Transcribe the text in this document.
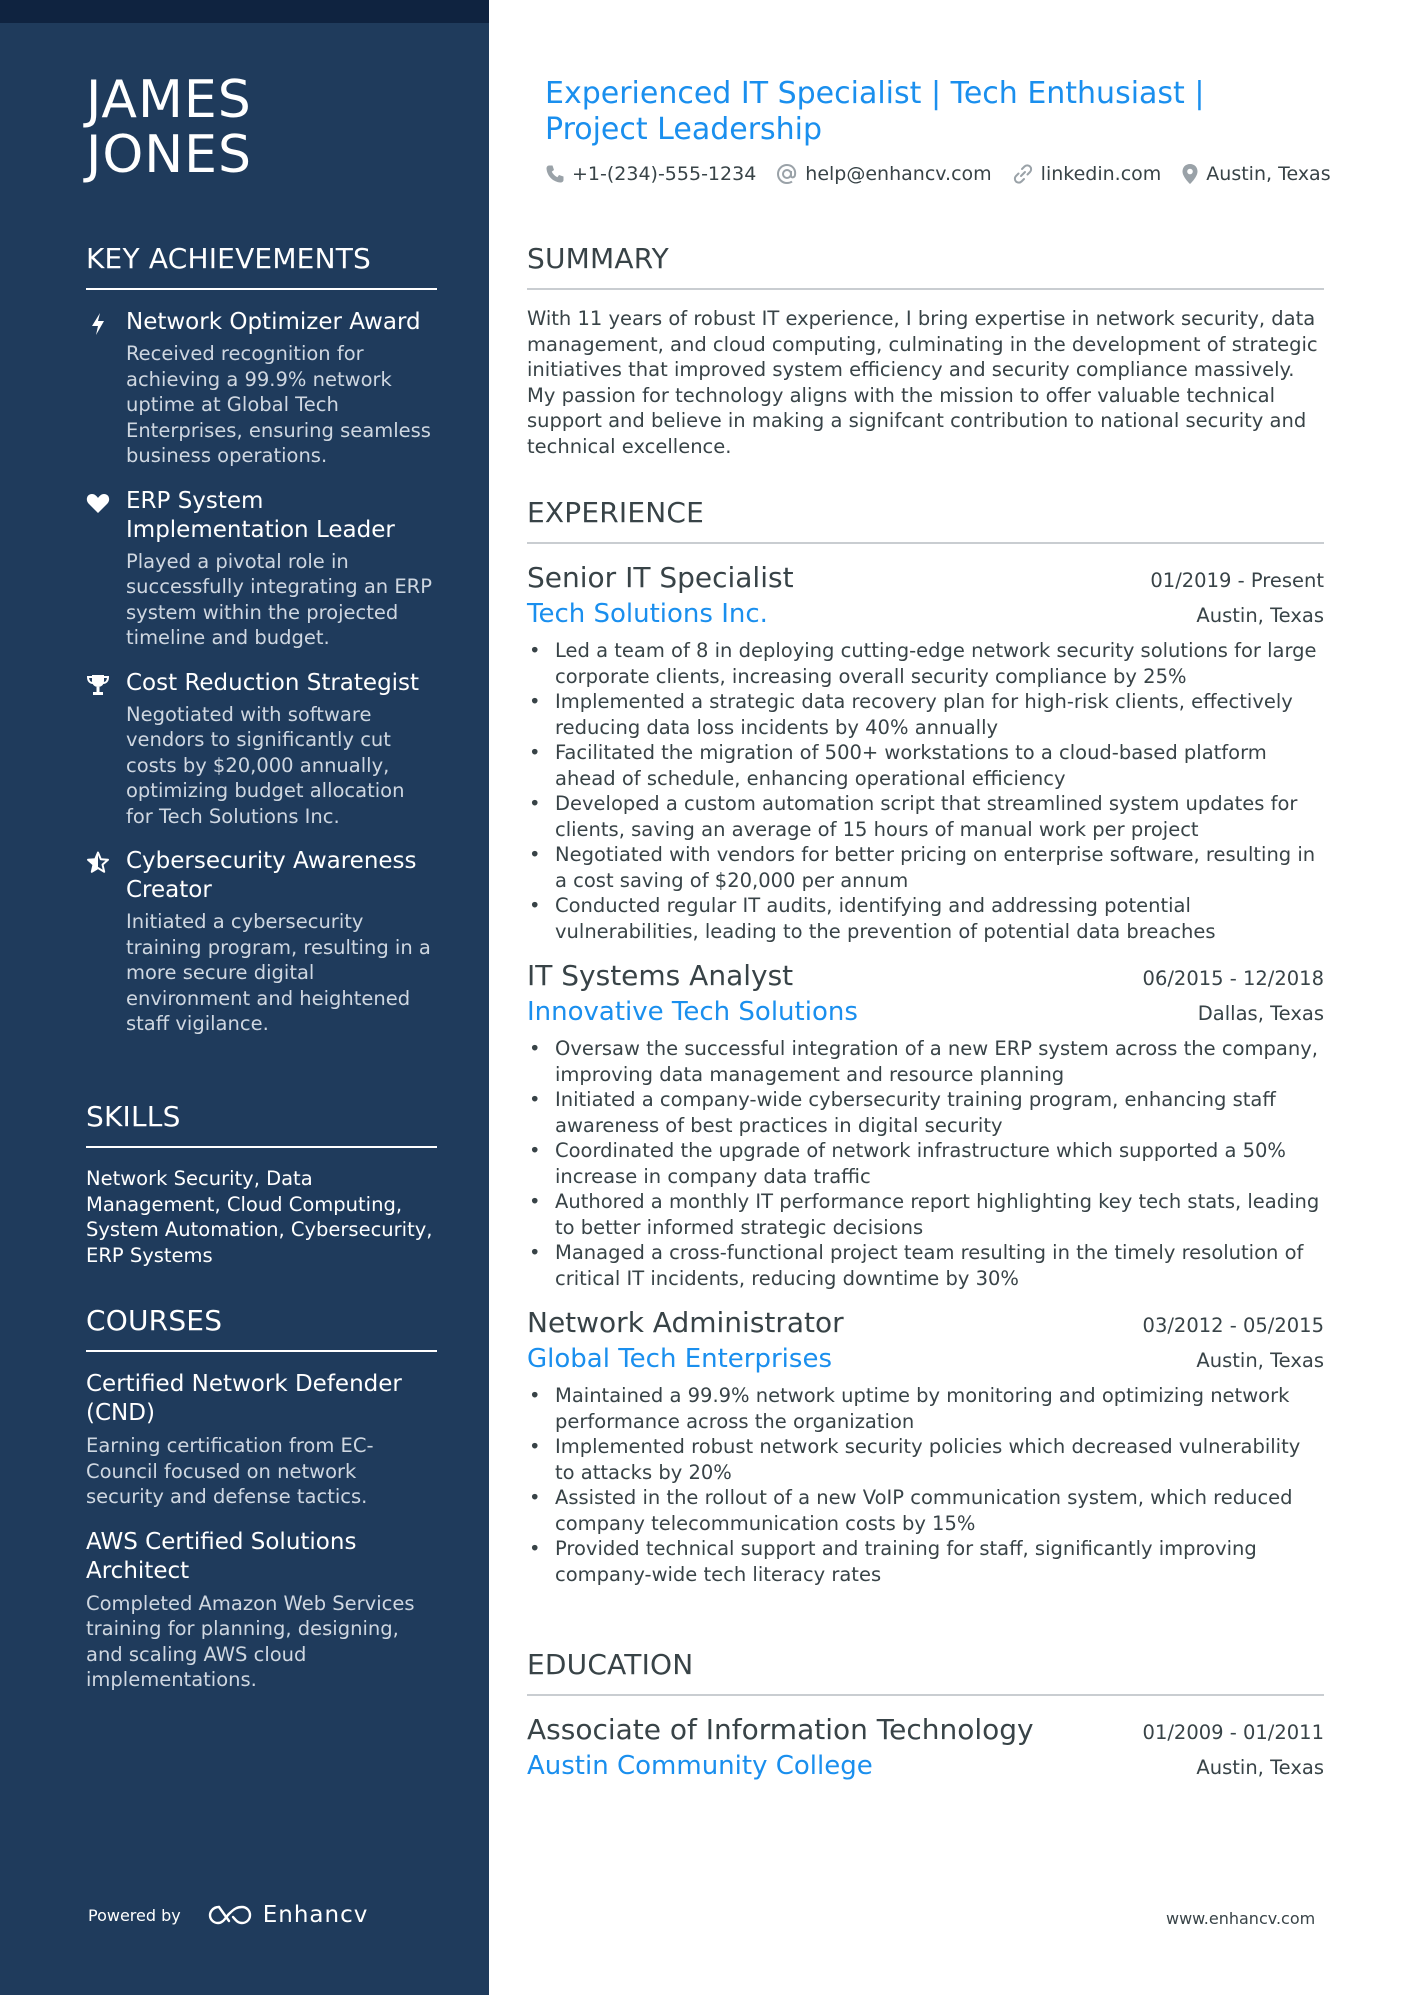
JAMES
JONES
KEY ACHIEVEMENTS
Network Optimizer Award
Received recognition for achieving a 99.9% network uptime at Global Tech Enterprises, ensuring seamless business operations.
ERP System Implementation Leader
Played a pivotal role in successfully integrating an ERP system within the projected timeline and budget.
Cost Reduction Strategist
Negotiated with software vendors to significantly cut costs by $20,000 annually, optimizing budget allocation for Tech Solutions Inc.
Cybersecurity Awareness Creator
Initiated a cybersecurity training program, resulting in a more secure digital environment and heightened staff vigilance.
SKILLS
Network Security, Data Management, Cloud Computing, System Automation, Cybersecurity, ERP Systems
COURSES
Certified Network Defender (CND)
Earning certification from EC-Council focused on network security and defense tactics.
AWS Certified Solutions Architect
Completed Amazon Web Services training for planning, designing, and scaling AWS cloud implementations.
Powered by	Enhancv
Experienced IT Specialist | Tech Enthusiast | Project Leadership
+1-(234)-555-1234	help@enhancv.com	linkedin.com Austin, Texas
SUMMARY
With 11 years of robust IT experience, I bring expertise in network security, data management, and cloud computing, culminating in the development of strategic initiatives that improved system efficiency and security compliance massively. My passion for technology aligns with the mission to offer valuable technical support and believe in making a signifcant contribution to national security and technical excellence.
EXPERIENCE
Senior IT Specialist	01/2019 - Present
Tech Solutions Inc.	Austin, Texas
• Led a team of 8 in deploying cutting-edge network security solutions for large corporate clients, increasing overall security compliance by 25%
• Implemented a strategic data recovery plan for high-risk clients, effectively reducing data loss incidents by 40% annually
• Facilitated the migration of 500+ workstations to a cloud-based platform ahead of schedule, enhancing operational efficiency
• Developed a custom automation script that streamlined system updates for clients, saving an average of 15 hours of manual work per project
• Negotiated with vendors for better pricing on enterprise software, resulting in a cost saving of $20,000 per annum
• Conducted regular IT audits, identifying and addressing potential vulnerabilities, leading to the prevention of potential data breaches
IT Systems Analyst	06/2015 - 12/2018
Innovative Tech Solutions	Dallas, Texas
• Oversaw the successful integration of a new ERP system across the company, improving data management and resource planning
• Initiated a company-wide cybersecurity training program, enhancing staff awareness of best practices in digital security
• Coordinated the upgrade of network infrastructure which supported a 50% increase in company data traffic
• Authored a monthly IT performance report highlighting key tech stats, leading to better informed strategic decisions
• Managed a cross-functional project team resulting in the timely resolution of critical IT incidents, reducing downtime by 30%
Network Administrator	03/2012 - 05/2015
Global Tech Enterprises	Austin, Texas
• Maintained a 99.9% network uptime by monitoring and optimizing network performance across the organization
• Implemented robust network security policies which decreased vulnerability to attacks by 20%
• Assisted in the rollout of a new VoIP communication system, which reduced company telecommunication costs by 15%
• Provided technical support and training for staff, significantly improving company-wide tech literacy rates
EDUCATION
Associate of Information Technology	01/2009 - 01/2011
Austin Community College	Austin, Texas
www.enhancv.com
